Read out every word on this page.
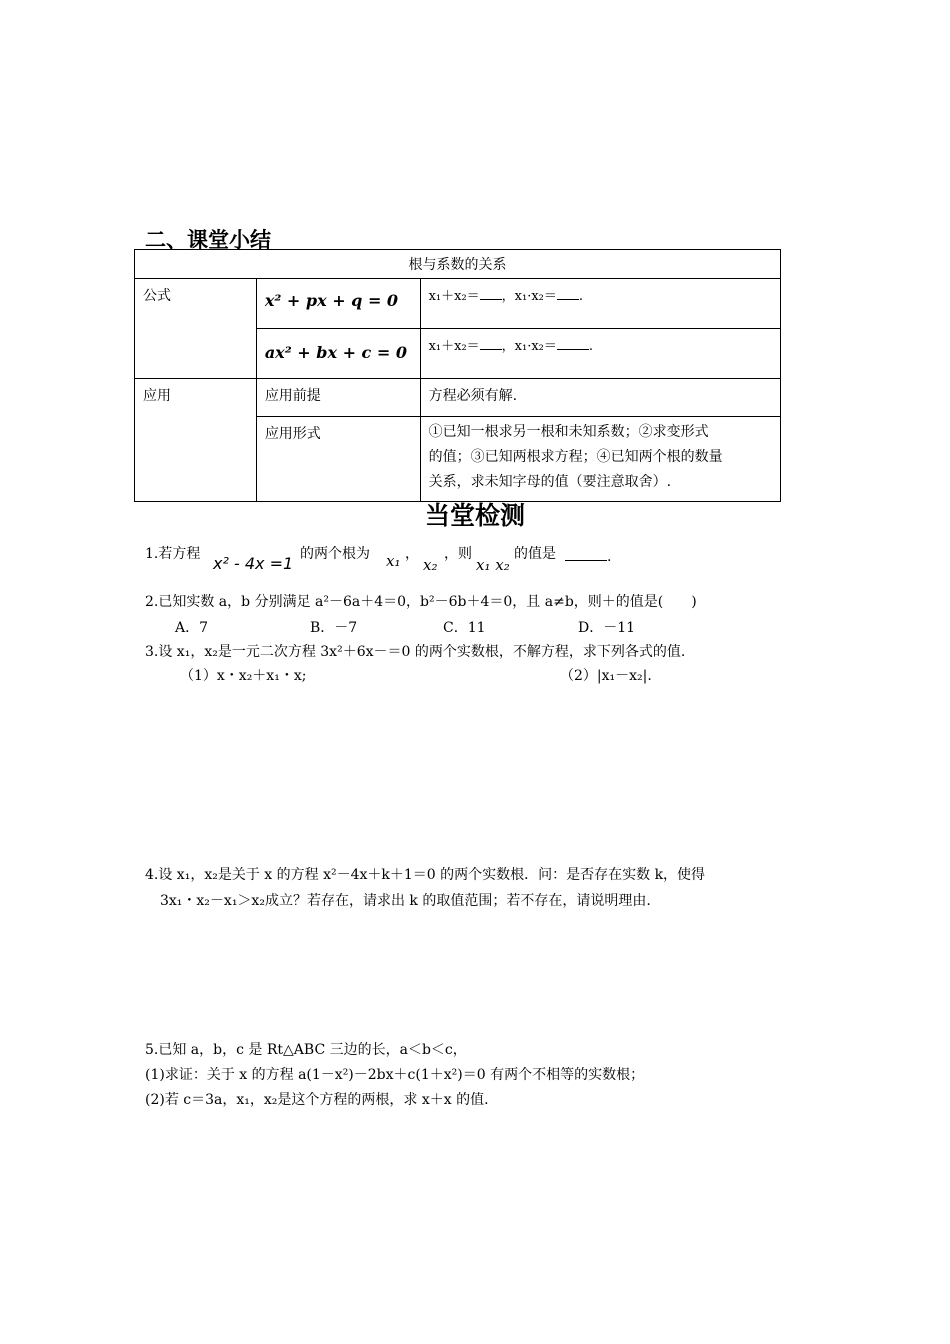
二、课堂小结
根与系数的关系		
公式	x² + px + q = 0	x₁＋x₂＝ ，x₁·x₂＝ .
	ax² + bx + c = 0	x₁＋x₂＝ ，x₁·x₂＝ .
应用	应用前提	方程必须有解.
	应用形式	①已知一根求另一根和未知系数；②求变形式
的值；③已知两根求方程；④已知两个根的数量
关系，求未知字母的值（要注意取舍）.
当堂检测
1.若方程 x² - 4x =1 的两个根为 x₁ ，
x₂
，则
x₁ x₂
的值是	.
2.已知实数 a，b 分别满足 a²－6a＋4＝0，b²－6b＋4＝0，且 a≠b，则＋的值是(　　)
A．7	B．－7	C．11	D．－11
3.设 x₁，x₂是一元二次方程 3x²＋6x－＝0 的两个实数根，不解方程，求下列各式的值.
（1）x・x₂＋x₁・x;	（2）|x₁－x₂|.
4.设 x₁，x₂是关于 x 的方程 x²－4x＋k＋1＝0 的两个实数根．问：是否存在实数 k，使得
3x₁・x₂－x₁＞x₂成立？若存在，请求出 k 的取值范围；若不存在，请说明理由.
5.已知 a，b，c 是 Rt△ABC 三边的长，a＜b＜c，
(1)求证：关于 x 的方程 a(1－x²)－2bx＋c(1＋x²)＝0 有两个不相等的实数根；
(2)若 c＝3a，x₁，x₂是这个方程的两根，求 x＋x 的值.
